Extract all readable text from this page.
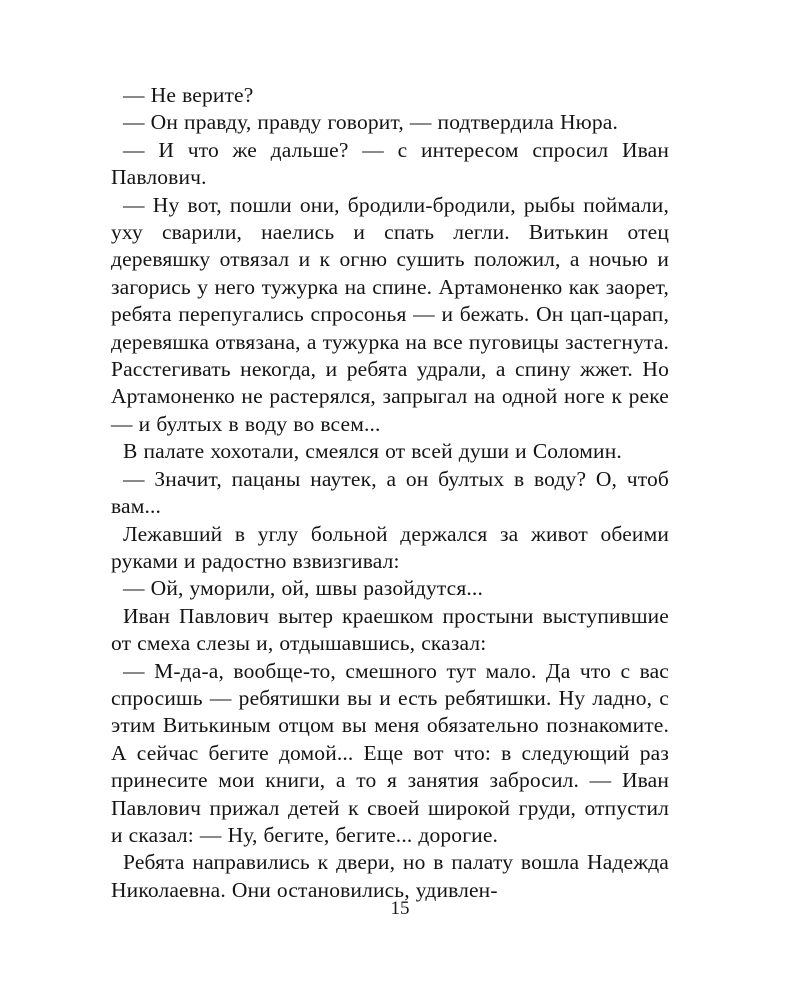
— Не верите?

— Он правду, правду говорит, — подтвердила Нюра.

— И что же дальше? — с интересом спросил Иван Павлович.

— Ну вот, пошли они, бродили-бродили, рыбы поймали, уху сварили, наелись и спать легли. Витькин отец деревяшку отвязал и к огню сушить положил, а ночью и загорись у него тужурка на спине. Артамоненко как заорет, ребята перепугались спросонья — и бежать. Он цап-царап, деревяшка отвязана, а тужурка на все пуговицы застегнута. Расстегивать некогда, и ребята удрали, а спину жжет. Но Артамоненко не растерялся, запрыгал на одной ноге к реке — и бултых в воду во всем...

В палате хохотали, смеялся от всей души и Соломин.

— Значит, пацаны наутек, а он бултых в воду? О, чтоб вам...

Лежавший в углу больной держался за живот обеими руками и радостно взвизгивал:

— Ой, уморили, ой, швы разойдутся...

Иван Павлович вытер краешком простыни выступившие от смеха слезы и, отдышавшись, сказал:

— М-да-а, вообще-то, смешного тут мало. Да что с вас спросишь — ребятишки вы и есть ребятишки. Ну ладно, с этим Витькиным отцом вы меня обязательно познакомите. А сейчас бегите домой... Еще вот что: в следующий раз принесите мои книги, а то я занятия забросил. — Иван Павлович прижал детей к своей широкой груди, отпустил и сказал: — Ну, бегите, бегите... дорогие.

Ребята направились к двери, но в палату вошла Надежда Николаевна. Они остановились, удивлен-

15
